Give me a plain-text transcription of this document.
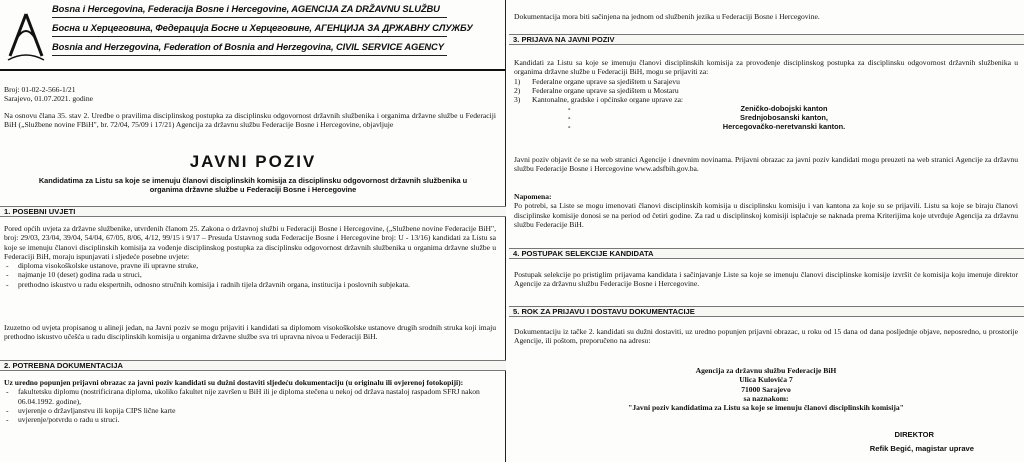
Bosna i Hercegovina, Federacija Bosne i Hercegovine, AGENCIJA ZA DRŽAVNU SLUŽBU
Босна и Херцеговина, Федерација Босне и Херцеговине, АГЕНЦИЈА ЗА ДРЖАВНУ СЛУЖБУ
Bosnia and Herzegovina, Federation of Bosnia and Herzegovina, CIVIL SERVICE AGENCY
Broj: 01-02-2-566-1/21
Sarajevo, 01.07.2021. godine

Na osnovu člana 35. stav 2. Uredbe o pravilima disciplinskog postupka za disciplinsku odgovornost državnih službenika i organima državne službe u Federaciji BiH („Službene novine FBiH", br. 72/04, 75/09 i 17/21) Agencija za državnu službu Federacije Bosne i Hercegovine, objavljuje

JAVNI POZIV
Kandidatima za Listu sa koje se imenuju članovi disciplinskih komisija za disciplinsku odgovornost državnih službenika u organima državne službe u Federaciji Bosne i Hercegovine
1. POSEBNI UVJETI

Pored općih uvjeta za državne službenike, utvrđenih članom 25. Zakona o državnoj službi u Federaciji Bosne i Hercegovine, („Službene novine Federacije BiH", broj: 29/03, 23/04, 39/04, 54/04, 67/05, 8/06, 4/12, 99/15 i 9/17 – Presuda Ustavnog suda Federacije Bosne i Hercegovine broj: U - 13/16) kandidati za Listu sa koje se imenuju članovi disciplinskih komisija za vođenje disciplinskog postupka za disciplinsku odgovornost državnih službenika u organima državne službe u Federaciji BiH, moraju ispunjavati i sljedeće posebne uvjete:

- diploma visokoškolske ustanove, pravne ili upravne struke,
- najmanje 10 (deset) godina rada u struci,
- prethodno iskustvo u radu ekspertnih, odnosno stručnih komisija i radnih tijela državnih organa, institucija i poslovnih subjekata.

Izuzetno od uvjeta propisanog u alineji jedan, na Javni poziv se mogu prijaviti i kandidati sa diplomom visokoškolske ustanove drugih srodnih struka koji imaju prethodno iskustvo učešća u radu disciplinskih komisija u organima državne službe sva tri upravna nivoa u Federaciji BiH.

2. POTREBNA DOKUMENTACIJA

Uz uredno popunjen prijavni obrazac za javni poziv kandidati su dužni dostaviti sljedeću dokumentaciju (u originalu ili ovjerenoj fotokopiji):

- fakultetsku diplomu (nostrificirana diploma, ukoliko fakultet nije završen u BiH ili je diploma stečena u nekoj od država nastaloj raspadom SFRJ nakon 06.04.1992. godine),
- uvjerenje o državljanstvu ili kopija CIPS lične karte
- uvjerenje/potvrdu o radu u struci.
Dokumentacija mora biti sačinjena na jednom od službenih jezika u Federaciji Bosne i Hercegovine.
3. PRIJAVA NA JAVNI POZIV

Kandidati za Listu sa koje se imenuju članovi disciplinskih komisija za provođenje disciplinskog postupka za disciplinsku odgovornost državnih službenika u organima državne službe u Federaciji BiH, mogu se prijaviti za:

1) Federalne organe uprave sa sjedištem u Sarajevu
2) Federalne organe uprave sa sjedištem u Mostaru
3) Kantonalne, gradske i općinske organe uprave za:
- Zeničko-dobojski kanton
- Srednjobosanski kanton,
- Hercegovačko-neretvanski kanton.

Javni poziv objavit će se na web stranici Agencije i dnevnim novinama. Prijavni obrazac za javni poziv kandidati mogu preuzeti na web stranici Agencije za državnu službu Federacije Bosne i Hercegovine www.adsfbih.gov.ba.

Napomena:

Po potrebi, sa Liste se mogu imenovati članovi disciplinskih komisija u disciplinsku komisiju i van kantona za koje su se prijavili. Listu sa koje se biraju članovi disciplinske komisije donosi se na period od četiri godine. Za rad u disciplinskoj komisiji isplaćuje se naknada prema Kriterijima koje utvrđuje Agencija za državnu službu Federacije BiH.

4. POSTUPAK SELEKCIJE KANDIDATA

Postupak selekcije po pristiglim prijavama kandidata i sačinjavanje Liste sa koje se imenuju članovi disciplinske komisije izvršit će komisija koju imenuje direktor Agencije za državnu službu Federacije Bosne i Hercegovine.

5. ROK ZA PRIJAVU I DOSTAVU DOKUMENTACIJE

Dokumentaciju iz tačke 2. kandidati su dužni dostaviti, uz uredno popunjen prijavni obrazac, u roku od 15 dana od dana posljednje objave, neposredno, u prostorije Agencije, ili poštom, preporučeno na adresu:

Agencija za državnu službu Federacije BiH
Ulica Kulovića 7
71000 Sarajevo
sa naznakom:
"Javni poziv kandidatima za Listu sa koje se imenuju članovi disciplinskih komisija"
DIREKTOR
Refik Begić, magistar uprave
